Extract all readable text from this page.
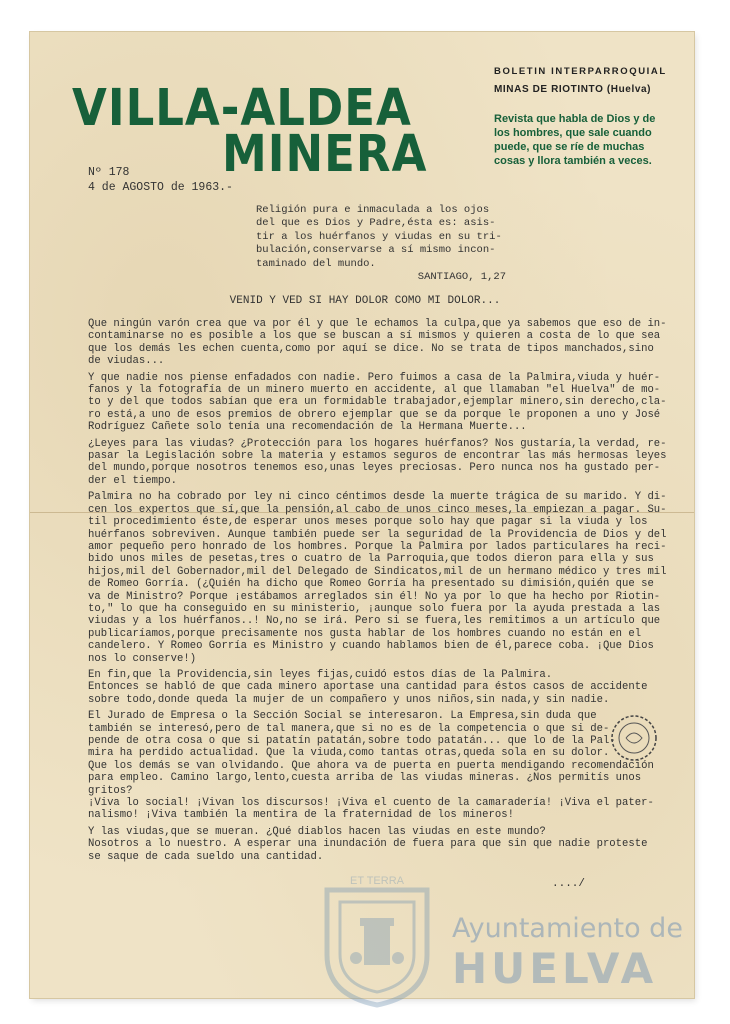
VILLA-ALDEA
MINERA
BOLETIN INTERPARROQUIAL
MINAS DE RIOTINTO (Huelva)
Revista que habla de Dios y de los hombres, que sale cuando puede, que se ríe de muchas cosas y llora también a veces.
Nº 178
4 de AGOSTO de 1963.-
Religión pura e inmaculada a los ojos
del que es Dios y Padre,ésta es: asis-
tir a los huérfanos y viudas en su tri-
bulación,conservarse a sí mismo incon-
taminado del mundo.
SANTIAGO, 1,27
VENID Y VED SI HAY DOLOR COMO MI DOLOR...

Que ningún varón crea que va por él y que le echamos la culpa,que ya sabemos que eso de in-
contaminarse no es posible a los que se buscan a sí mismos y quieren a costa de lo que sea
que los demás les echen cuenta,como por aquí se dice. No se trata de tipos manchados,sino
de viudas...

Y que nadie nos piense enfadados con nadie. Pero fuimos a casa de la Palmira,viuda y huér-
fanos y la fotografía de un minero muerto en accidente, al que llamaban "el Huelva" de mo-
to y del que todos sabían que era un formidable trabajador,ejemplar minero,sin derecho,cla-
ro está,a uno de esos premios de obrero ejemplar que se da porque le proponen a uno y José
Rodríguez Cañete solo tenía una recomendación de la Hermana Muerte...

¿Leyes para las viudas? ¿Protección para los hogares huérfanos? Nos gustaría,la verdad, re-
pasar la Legislación sobre la materia y estamos seguros de encontrar las más hermosas leyes
del mundo,porque nosotros tenemos eso,unas leyes preciosas. Pero nunca nos ha gustado per-
der el tiempo.

Palmira no ha cobrado por ley ni cinco céntimos desde la muerte trágica de su marido. Y di-
cen los expertos que sí,que la pensión,al cabo de unos cinco meses,la empiezan a pagar. Su-
til procedimiento éste,de esperar unos meses porque solo hay que pagar si la viuda y los
huérfanos sobreviven. Aunque también puede ser la seguridad de la Providencia de Dios y del
amor pequeño pero honrado de los hombres. Porque la Palmira por lados particulares ha reci-
bido unos miles de pesetas,tres o cuatro de la Parroquia,que todos dieron para ella y sus
hijos,mil del Gobernador,mil del Delegado de Sindicatos,mil de un hermano médico y tres mil
de Romeo Gorría. (¿Quién ha dicho que Romeo Gorría ha presentado su dimisión,quién que se
va de Ministro? Porque ¡estábamos arreglados sin él! No ya por lo que ha hecho por Riotin-
to," lo que ha conseguido en su ministerio, ¡aunque solo fuera por la ayuda prestada a las
viudas y a los huérfanos..! No,no se irá. Pero si se fuera,les remitimos a un artículo que
publicaríamos,porque precisamente nos gusta hablar de los hombres cuando no están en el
candelero. Y Romeo Gorría es Ministro y cuando hablamos bien de él,parece coba. ¡Que Dios
nos lo conserve!)

En fin,que la Providencia,sin leyes fijas,cuidó estos días de la Palmira.
Entonces se habló de que cada minero aportase una cantidad para éstos casos de accidente
sobre todo,donde queda la mujer de un compañero y unos niños,sin nada,y sin nadie.

El Jurado de Empresa o la Sección Social se interesaron. La Empresa,sin duda que
también se interesó,pero de tal manera,que si no es de la competencia o que si de-
pende de otra cosa o que si patatín patatán,sobre todo patatán... que lo de la Pal-
mira ha perdido actualidad. Que la viuda,como tantas otras,queda sola en su dolor.
Que los demás se van olvidando. Que ahora va de puerta en puerta mendigando recomendación
para empleo. Camino largo,lento,cuesta arriba de las viudas mineras. ¿Nos permitís unos
gritos?
¡Viva lo social! ¡Vivan los discursos! ¡Viva el cuento de la camaradería! ¡Viva el pater-
nalismo! ¡Viva también la mentira de la fraternidad de los mineros!

Y las viudas,que se mueran. ¿Qué diablos hacen las viudas en este mundo?
Nosotros a lo nuestro. A esperar una inundación de fuera para que sin que nadie proteste
se saque de cada sueldo una cantidad.

..../
ET TERRA
Ayuntamiento de
HUELVA
